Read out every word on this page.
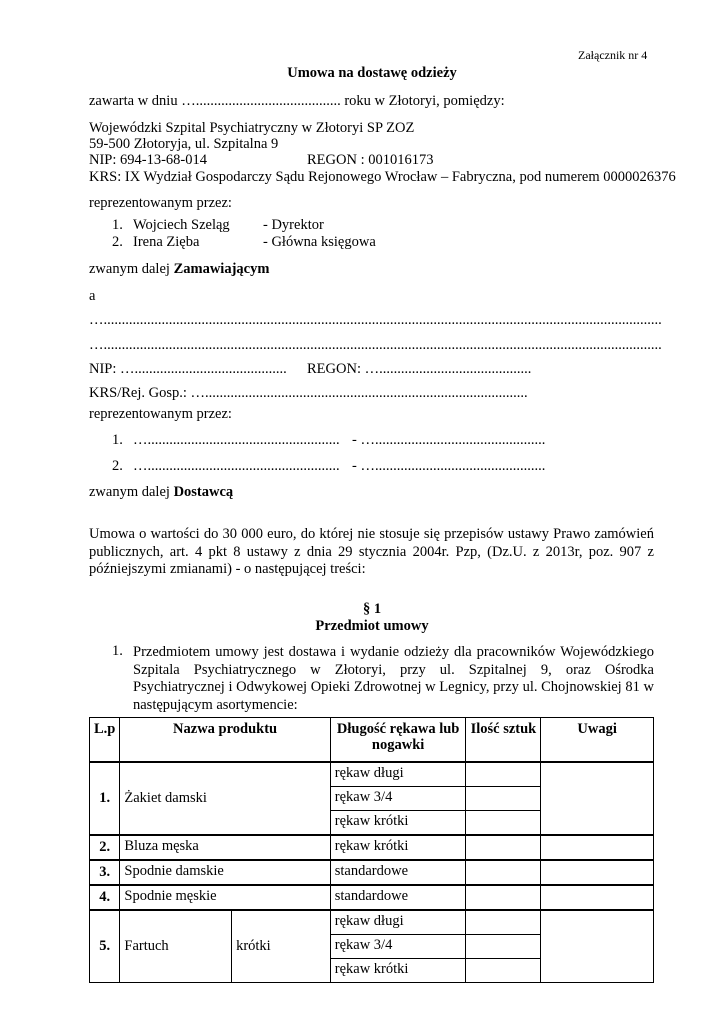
Załącznik nr 4
Umowa na dostawę odzieży
zawarta w dniu …........................................ roku w Złotoryi, pomiędzy:
Wojewódzki Szpital Psychiatryczny w Złotoryi SP ZOZ
59-500 Złotoryja, ul. Szpitalna 9
NIP: 694-13-68-014	REGON : 001016173
KRS: IX Wydział Gospodarczy Sądu Rejonowego Wrocław – Fabryczna, pod numerem 0000026376
reprezentowanym przez:
1. Wojciech Szeląg - Dyrektor
2. Irena Zięba	- Główna księgowa
zwanym dalej Zamawiającym
a
…..........................................................................................................................................................
…..........................................................................................................................................................
NIP: ….......................................... REGON: …..........................................
KRS/Rej. Gosp.: ….........................................................................................
reprezentowanym przez:
1. …..................................................... - …...............................................
2. …..................................................... - …...............................................
zwanym dalej Dostawcą
Umowa o wartości do 30 000 euro, do której nie stosuje się przepisów ustawy Prawo zamówień publicznych, art. 4 pkt 8 ustawy z dnia 29 stycznia 2004r. Pzp, (Dz.U. z 2013r, poz. 907 z późniejszymi zmianami) - o następującej treści:
§ 1
Przedmiot umowy
1. Przedmiotem umowy jest dostawa i wydanie odzieży dla pracowników Wojewódzkiego Szpitala Psychiatrycznego w Złotoryi, przy ul. Szpitalnej 9, oraz Ośrodka Psychiatrycznej i Odwykowej Opieki Zdrowotnej w Legnicy, przy ul. Chojnowskiej 81 w następującym asortymencie:
L.p	Nazwa produktu		Długość rękawa lub nogawki	Ilość sztuk	Uwagi
1.	Żakiet damski		rękaw długi		
			rękaw 3/4		
			rękaw krótki		
2.	Bluza męska		rękaw krótki		
3.	Spodnie damskie		standardowe		
4.	Spodnie męskie		standardowe		
5.	Fartuch	krótki	rękaw długi		
			rękaw 3/4		
			rękaw krótki		
